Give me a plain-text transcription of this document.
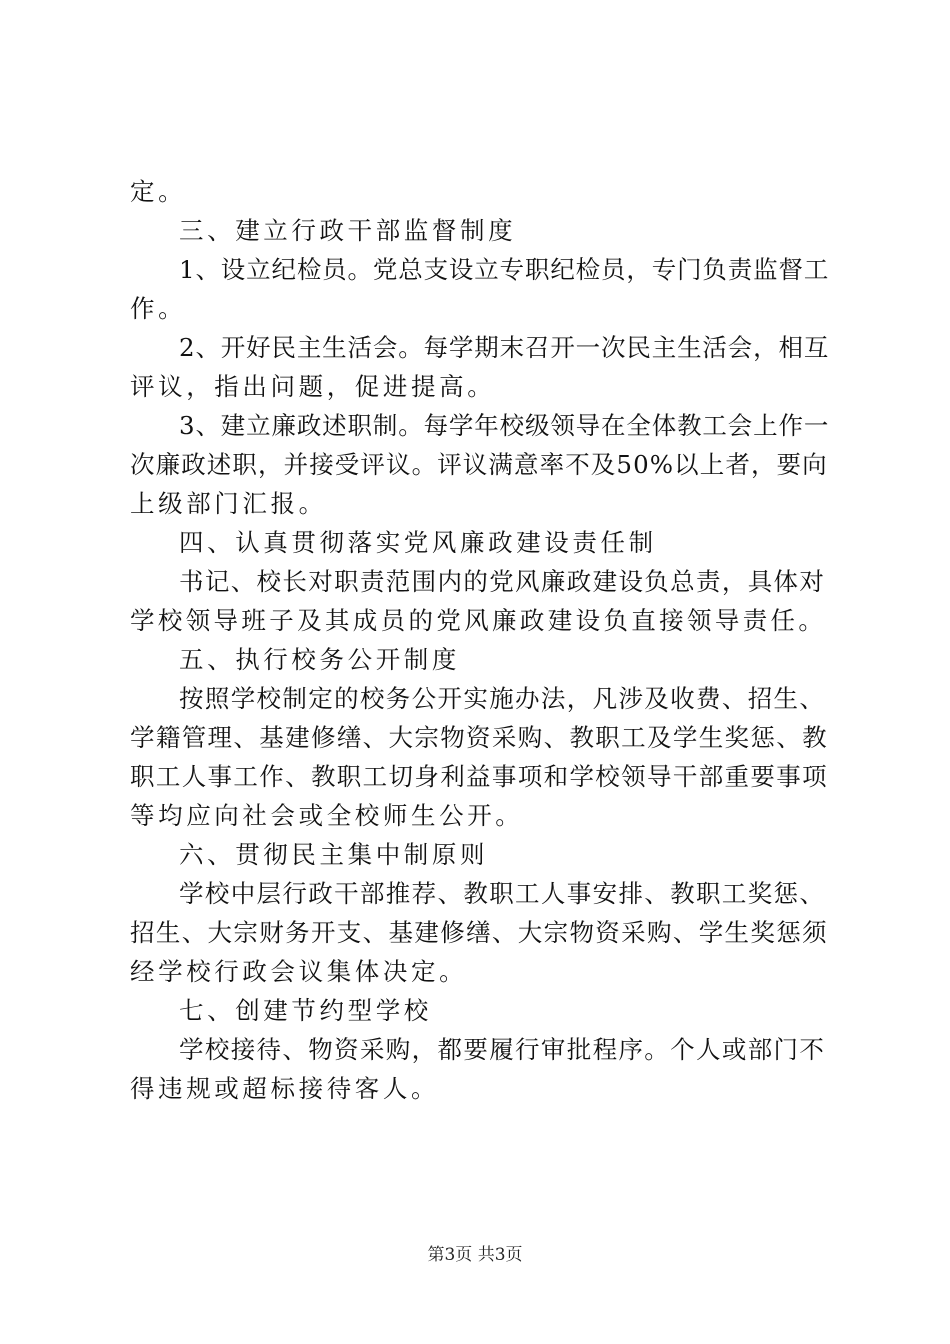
定。
三、建立行政干部监督制度
1、设立纪检员。党总支设立专职纪检员，专门负责监督工
作。
2、开好民主生活会。每学期末召开一次民主生活会，相互
评议，指出问题，促进提高。
3、建立廉政述职制。每学年校级领导在全体教工会上作一
次廉政述职，并接受评议。评议满意率不及50%以上者，要向
上级部门汇报。
四、认真贯彻落实党风廉政建设责任制
书记、校长对职责范围内的党风廉政建设负总责，具体对
学校领导班子及其成员的党风廉政建设负直接领导责任。
五、执行校务公开制度
按照学校制定的校务公开实施办法，凡涉及收费、招生、
学籍管理、基建修缮、大宗物资采购、教职工及学生奖惩、教
职工人事工作、教职工切身利益事项和学校领导干部重要事项
等均应向社会或全校师生公开。
六、贯彻民主集中制原则
学校中层行政干部推荐、教职工人事安排、教职工奖惩、
招生、大宗财务开支、基建修缮、大宗物资采购、学生奖惩须
经学校行政会议集体决定。
七、创建节约型学校
学校接待、物资采购，都要履行审批程序。个人或部门不
得违规或超标接待客人。
第3页 共3页
